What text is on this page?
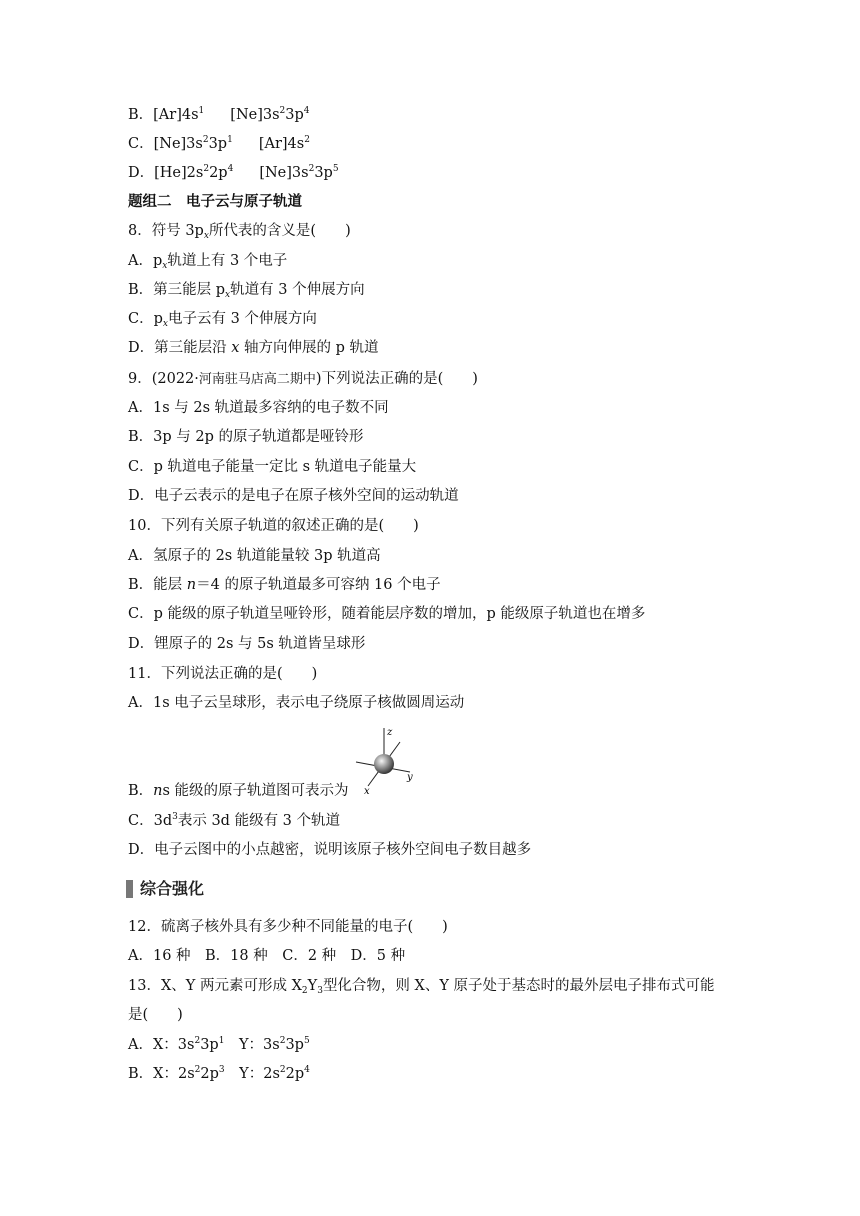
B．$[Ar]4s^1$ $[Ne]3s^23p^4$
C．$[Ne]3s^23p^1$ $[Ar]4s^2$
D．$[He]2s^22p^4$ $[Ne]3s^23p^5$
题组二　电子云与原子轨道
8．符号 $3p_x$所代表的含义是(　　)
A．$p_x$轨道上有 3 个电子
B．第三能层 $p_x$轨道有 3 个伸展方向
C．$p_x$电子云有 3 个伸展方向
D．第三能层沿 x 轴方向伸展的 p 轨道
9．(2022·河南驻马店高二期中)下列说法正确的是(　　)
A．1s 与 2s 轨道最多容纳的电子数不同
B．3p 与 2p 的原子轨道都是哑铃形
C．p 轨道电子能量一定比 s 轨道电子能量大
D．电子云表示的是电子在原子核外空间的运动轨道
10．下列有关原子轨道的叙述正确的是(　　)
A．氢原子的 2s 轨道能量较 3p 轨道高
B．能层 n＝4 的原子轨道最多可容纳 16 个电子
C．p 能级的原子轨道呈哑铃形，随着能层序数的增加，p 能级原子轨道也在增多
D．锂原子的 2s 与 5s 轨道皆呈球形
11．下列说法正确的是(　　)
A．1s 电子云呈球形，表示电子绕原子核做圆周运动
z
y
x
B．ns 能级的原子轨道图可表示为
C．$3d^3$表示 3d 能级有 3 个轨道
D．电子云图中的小点越密，说明该原子核外空间电子数目越多
综合强化
12．硫离子核外具有多少种不同能量的电子(　　)
A．16 种　B．18 种　C．2 种　D．5 种
13．X、Y 两元素可形成 $X_2Y_3$型化合物，则 X、Y 原子处于基态时的最外层电子排布式可能
是(　　)
A．X：$3s^23p^1$　Y：$3s^23p^5$
B．X：$2s^22p^3$　Y：$2s^22p^4$
